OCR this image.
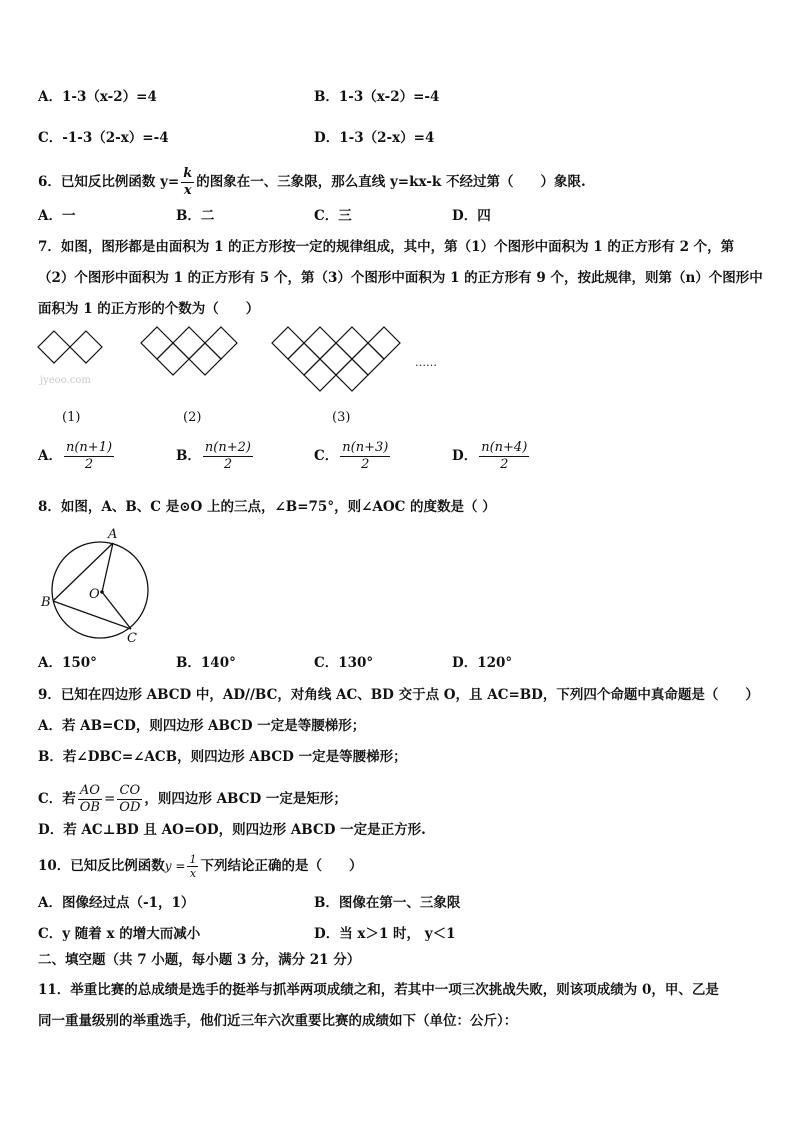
A．1-3（x-2）=4	B．1-3（x-2）=-4
C．-1-3（2-x）=-4	D．1-3（2-x）=4
6．已知反比例函数 $y= \frac{k}{x}$ 的图象在一、三象限，那么直线 y=kx-k 不经过第（　　）象限.
A．一	B．二	C．三	D．四
7．如图，图形都是由面积为 1 的正方形按一定的规律组成，其中，第（1）个图形中面积为 1 的正方形有 2 个，第
（2）个图形中面积为 1 的正方形有 5 个，第（3）个图形中面积为 1 的正方形有 9 个，按此规律，则第（n）个图形中
面积为 1 的正方形的个数为（　　）
……
jyeoo.com
(1)	(2)	(3)
A． $\frac{n(n+1)}{2}$	B． $\frac{n(n+2)}{2}$	C． $\frac{n(n+3)}{2}$	D． $\frac{n(n+4)}{2}$
8．如图，A、B、C 是⊙O 上的三点，∠B=75°，则∠AOC 的度数是（ ）
A
B
C
O
A．150°	B．140°	C．130°	D．120°
9．已知在四边形 ABCD 中，AD//BC，对角线 AC、BD 交于点 O，且 AC=BD，下列四个命题中真命题是（　　）
A．若 AB=CD，则四边形 ABCD 一定是等腰梯形；
B．若∠DBC=∠ACB，则四边形 ABCD 一定是等腰梯形；
C．若 $\frac{AO}{OB} = \frac{CO}{OD}$ ，则四边形 ABCD 一定是矩形；
D．若 AC⊥BD 且 AO=OD，则四边形 ABCD 一定是正方形.
10．已知反比例函数$y = \frac{1}{x}$ 下列结论正确的是（　　）
A．图像经过点（-1，1）	B．图像在第一、三象限
C．y 随着 x 的增大而减小	D．当 x＞1 时， y＜1
二、填空题（共 7 小题，每小题 3 分，满分 21 分）
11．举重比赛的总成绩是选手的挺举与抓举两项成绩之和，若其中一项三次挑战失败，则该项成绩为 0，甲、乙是
同一重量级别的举重选手，他们近三年六次重要比赛的成绩如下（单位：公斤）：
